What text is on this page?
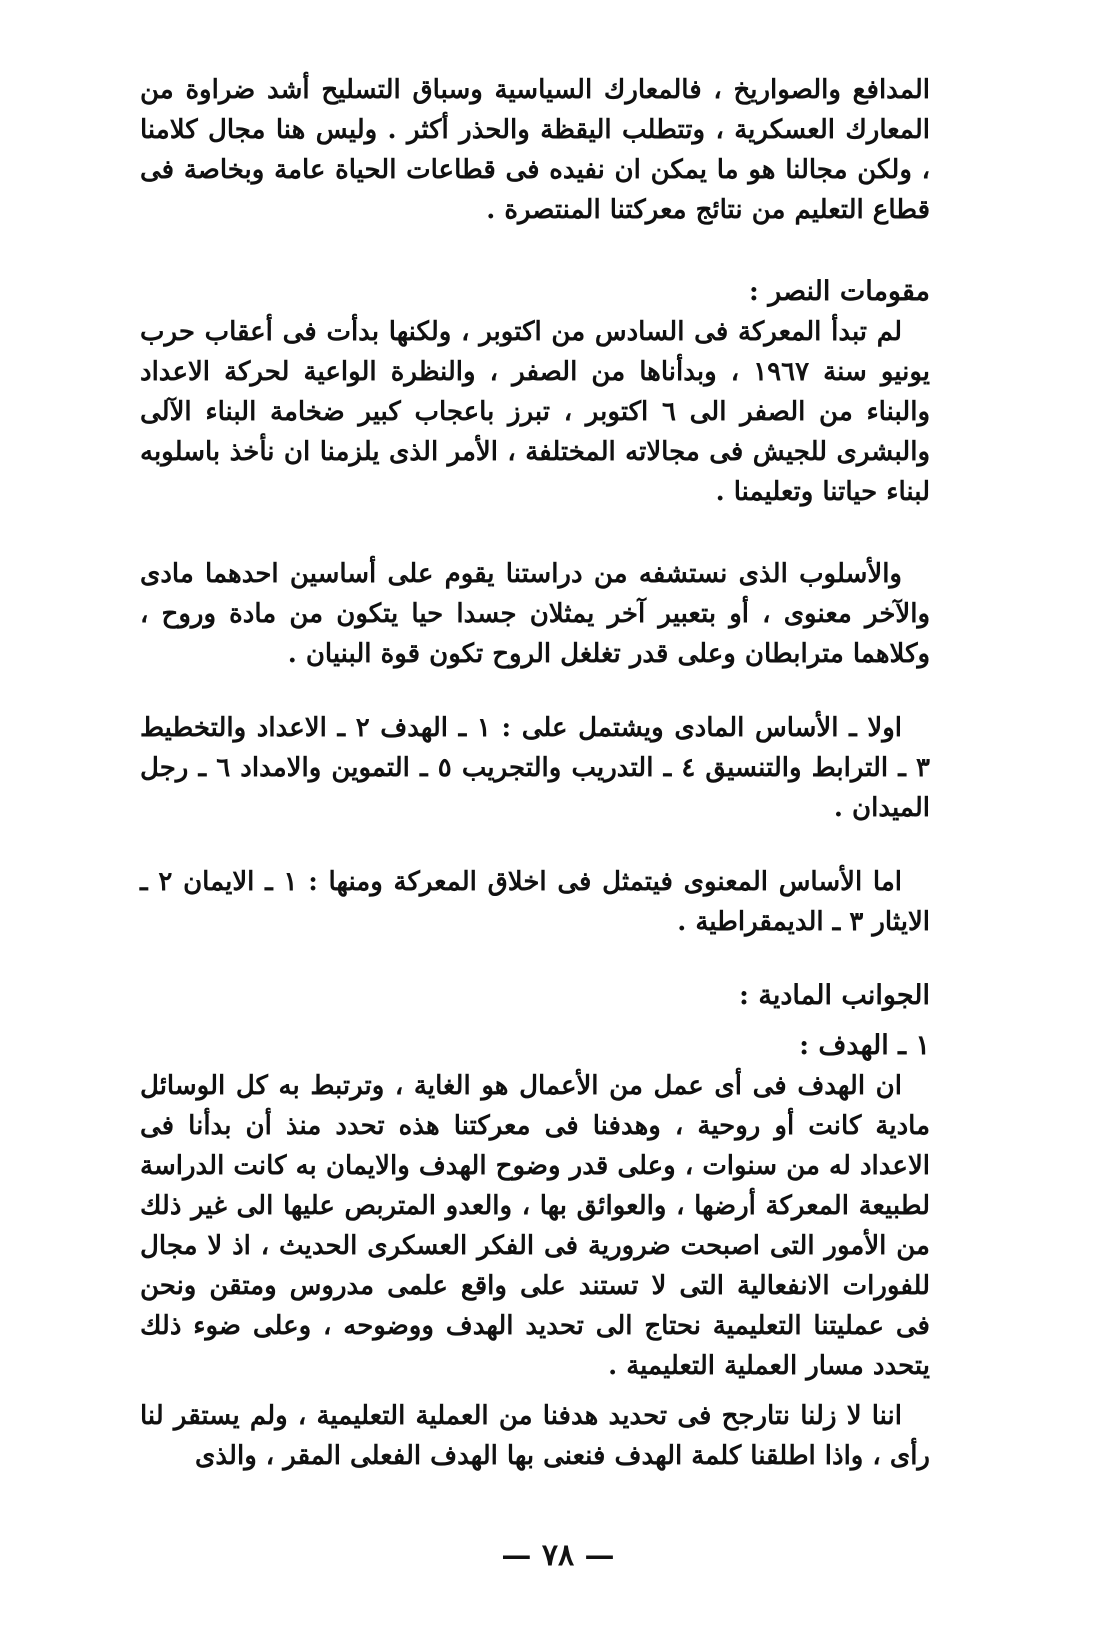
المدافع والصواريخ ، فالمعارك السياسية وسباق التسليح أشد ضراوة من المعارك العسكرية ، وتتطلب اليقظة والحذر أكثر . وليس هنا مجال كلامنا ، ولكن مجالنا هو ما يمكن ان نفيده فى قطاعات الحياة عامة وبخاصة فى قطاع التعليم من نتائج معركتنا المنتصرة .

مقومات النصر :

لم تبدأ المعركة فى السادس من اكتوبر ، ولكنها بدأت فى أعقاب حرب يونيو سنة ١٩٦٧ ، وبدأناها من الصفر ، والنظرة الواعية لحركة الاعداد والبناء من الصفر الى ٦ اكتوبر ، تبرز باعجاب كبير ضخامة البناء الآلى والبشرى للجيش فى مجالاته المختلفة ، الأمر الذى يلزمنا ان نأخذ باسلوبه لبناء حياتنا وتعليمنا .

والأسلوب الذى نستشفه من دراستنا يقوم على أساسين احدهما مادى والآخر معنوى ، أو بتعبير آخر يمثلان جسدا حيا يتكون من مادة وروح ، وكلاهما مترابطان وعلى قدر تغلغل الروح تكون قوة البنيان .

اولا ـ الأساس المادى ويشتمل على : ١ ـ الهدف ٢ ـ الاعداد والتخطيط ٣ ـ الترابط والتنسيق ٤ ـ التدريب والتجريب ٥ ـ التموين والامداد ٦ ـ رجل الميدان .

اما الأساس المعنوى فيتمثل فى اخلاق المعركة ومنها : ١ ـ الايمان ٢ ـ الايثار ٣ ـ الديمقراطية .

الجوانب المادية :

١ ـ الهدف :

ان الهدف فى أى عمل من الأعمال هو الغاية ، وترتبط به كل الوسائل مادية كانت أو روحية ، وهدفنا فى معركتنا هذه تحدد منذ أن بدأنا فى الاعداد له من سنوات ، وعلى قدر وضوح الهدف والايمان به كانت الدراسة لطبيعة المعركة أرضها ، والعوائق بها ، والعدو المتربص عليها الى غير ذلك من الأمور التى اصبحت ضرورية فى الفكر العسكرى الحديث ، اذ لا مجال للفورات الانفعالية التى لا تستند على واقع علمى مدروس ومتقن ونحن فى عمليتنا التعليمية نحتاج الى تحديد الهدف ووضوحه ، وعلى ضوء ذلك يتحدد مسار العملية التعليمية .

اننا لا زلنا نتارجح فى تحديد هدفنا من العملية التعليمية ، ولم يستقر لنا رأى ، واذا اطلقنا كلمة الهدف فنعنى بها الهدف الفعلى المقر ، والذى

— ٧٨ —
